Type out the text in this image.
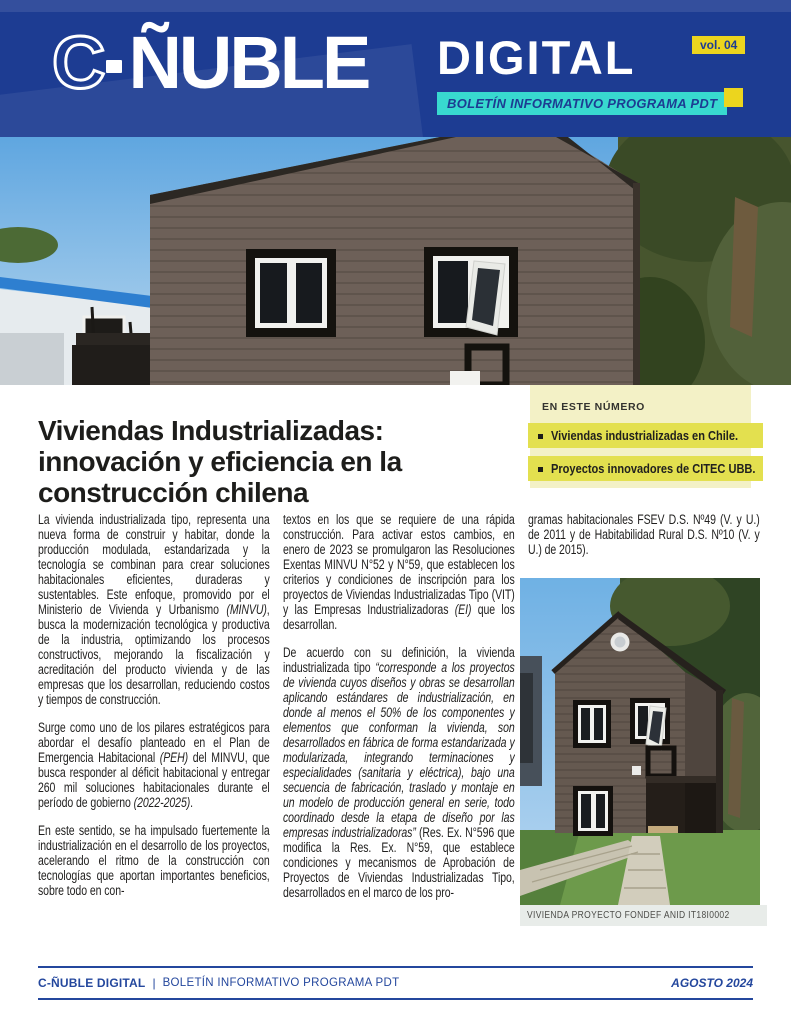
C ÑUBLE DIGITAL
BOLETÍN INFORMATIVO PROGRAMA PDT
vol. 04
Viviendas Industrializadas: innovación y eficiencia en la construcción chilena
EN ESTE NÚMERO
Viviendas industrializadas en Chile.
Proyectos innovadores de CITEC UBB.

La vivienda industrializada tipo, representa una nueva forma de construir y habitar, donde la producción modulada, estandarizada y la tecnología se combinan para crear soluciones habitacionales eficientes, duraderas y sustentables. Este enfoque, promovido por el Ministerio de Vivienda y Urbanismo (MINVU), busca la modernización tecnológica y productiva de la industria, optimizando los procesos constructivos, mejorando la fiscalización y acreditación del producto vivienda y de las empresas que los desarrollan, reduciendo costos y tiempos de construcción.

Surge como uno de los pilares estratégicos para abordar el desafío planteado en el Plan de Emergencia Habitacional (PEH) del MINVU, que busca responder al déficit habitacional y entregar 260 mil soluciones habitacionales durante el período de gobierno (2022-2025).

En este sentido, se ha impulsado fuertemente la industrialización en el desarrollo de los proyectos, acelerando el ritmo de la construcción con tecnologías que aportan importantes beneficios, sobre todo en con-

textos en los que se requiere de una rápida construcción. Para activar estos cambios, en enero de 2023 se promulgaron las Resoluciones Exentas MINVU N°52 y N°59, que establecen los criterios y condiciones de inscripción para los proyectos de Viviendas Industrializadas Tipo (VIT) y las Empresas Industrializadoras (EI) que los desarrollan.

De acuerdo con su definición, la vivienda industrializada tipo “corresponde a los proyectos de vivienda cuyos diseños y obras se desarrollan aplicando estándares de industrialización, en donde al menos el 50% de los componentes y elementos que conforman la vivienda, son desarrollados en fábrica de forma estandarizada y modularizada, integrando terminaciones y especialidades (sanitaria y eléctrica), bajo una secuencia de fabricación, traslado y montaje en un modelo de producción general en serie, todo coordinado desde la etapa de diseño por las empresas industrializadoras” (Res. Ex. N°596 que modifica la Res. Ex. N°59, que establece condiciones y mecanismos de Aprobación de Proyectos de Viviendas Industrializadas Tipo, desarrollados en el marco de los pro-

gramas habitacionales FSEV D.S. Nº49 (V. y U.) de 2011 y de Habitabilidad Rural D.S. Nº10 (V. y U.) de 2015).

VIVIENDA PROYECTO FONDEF ANID IT18I0002
C-ÑUBLE DIGITAL | BOLETÍN INFORMATIVO PROGRAMA PDT	AGOSTO 2024
